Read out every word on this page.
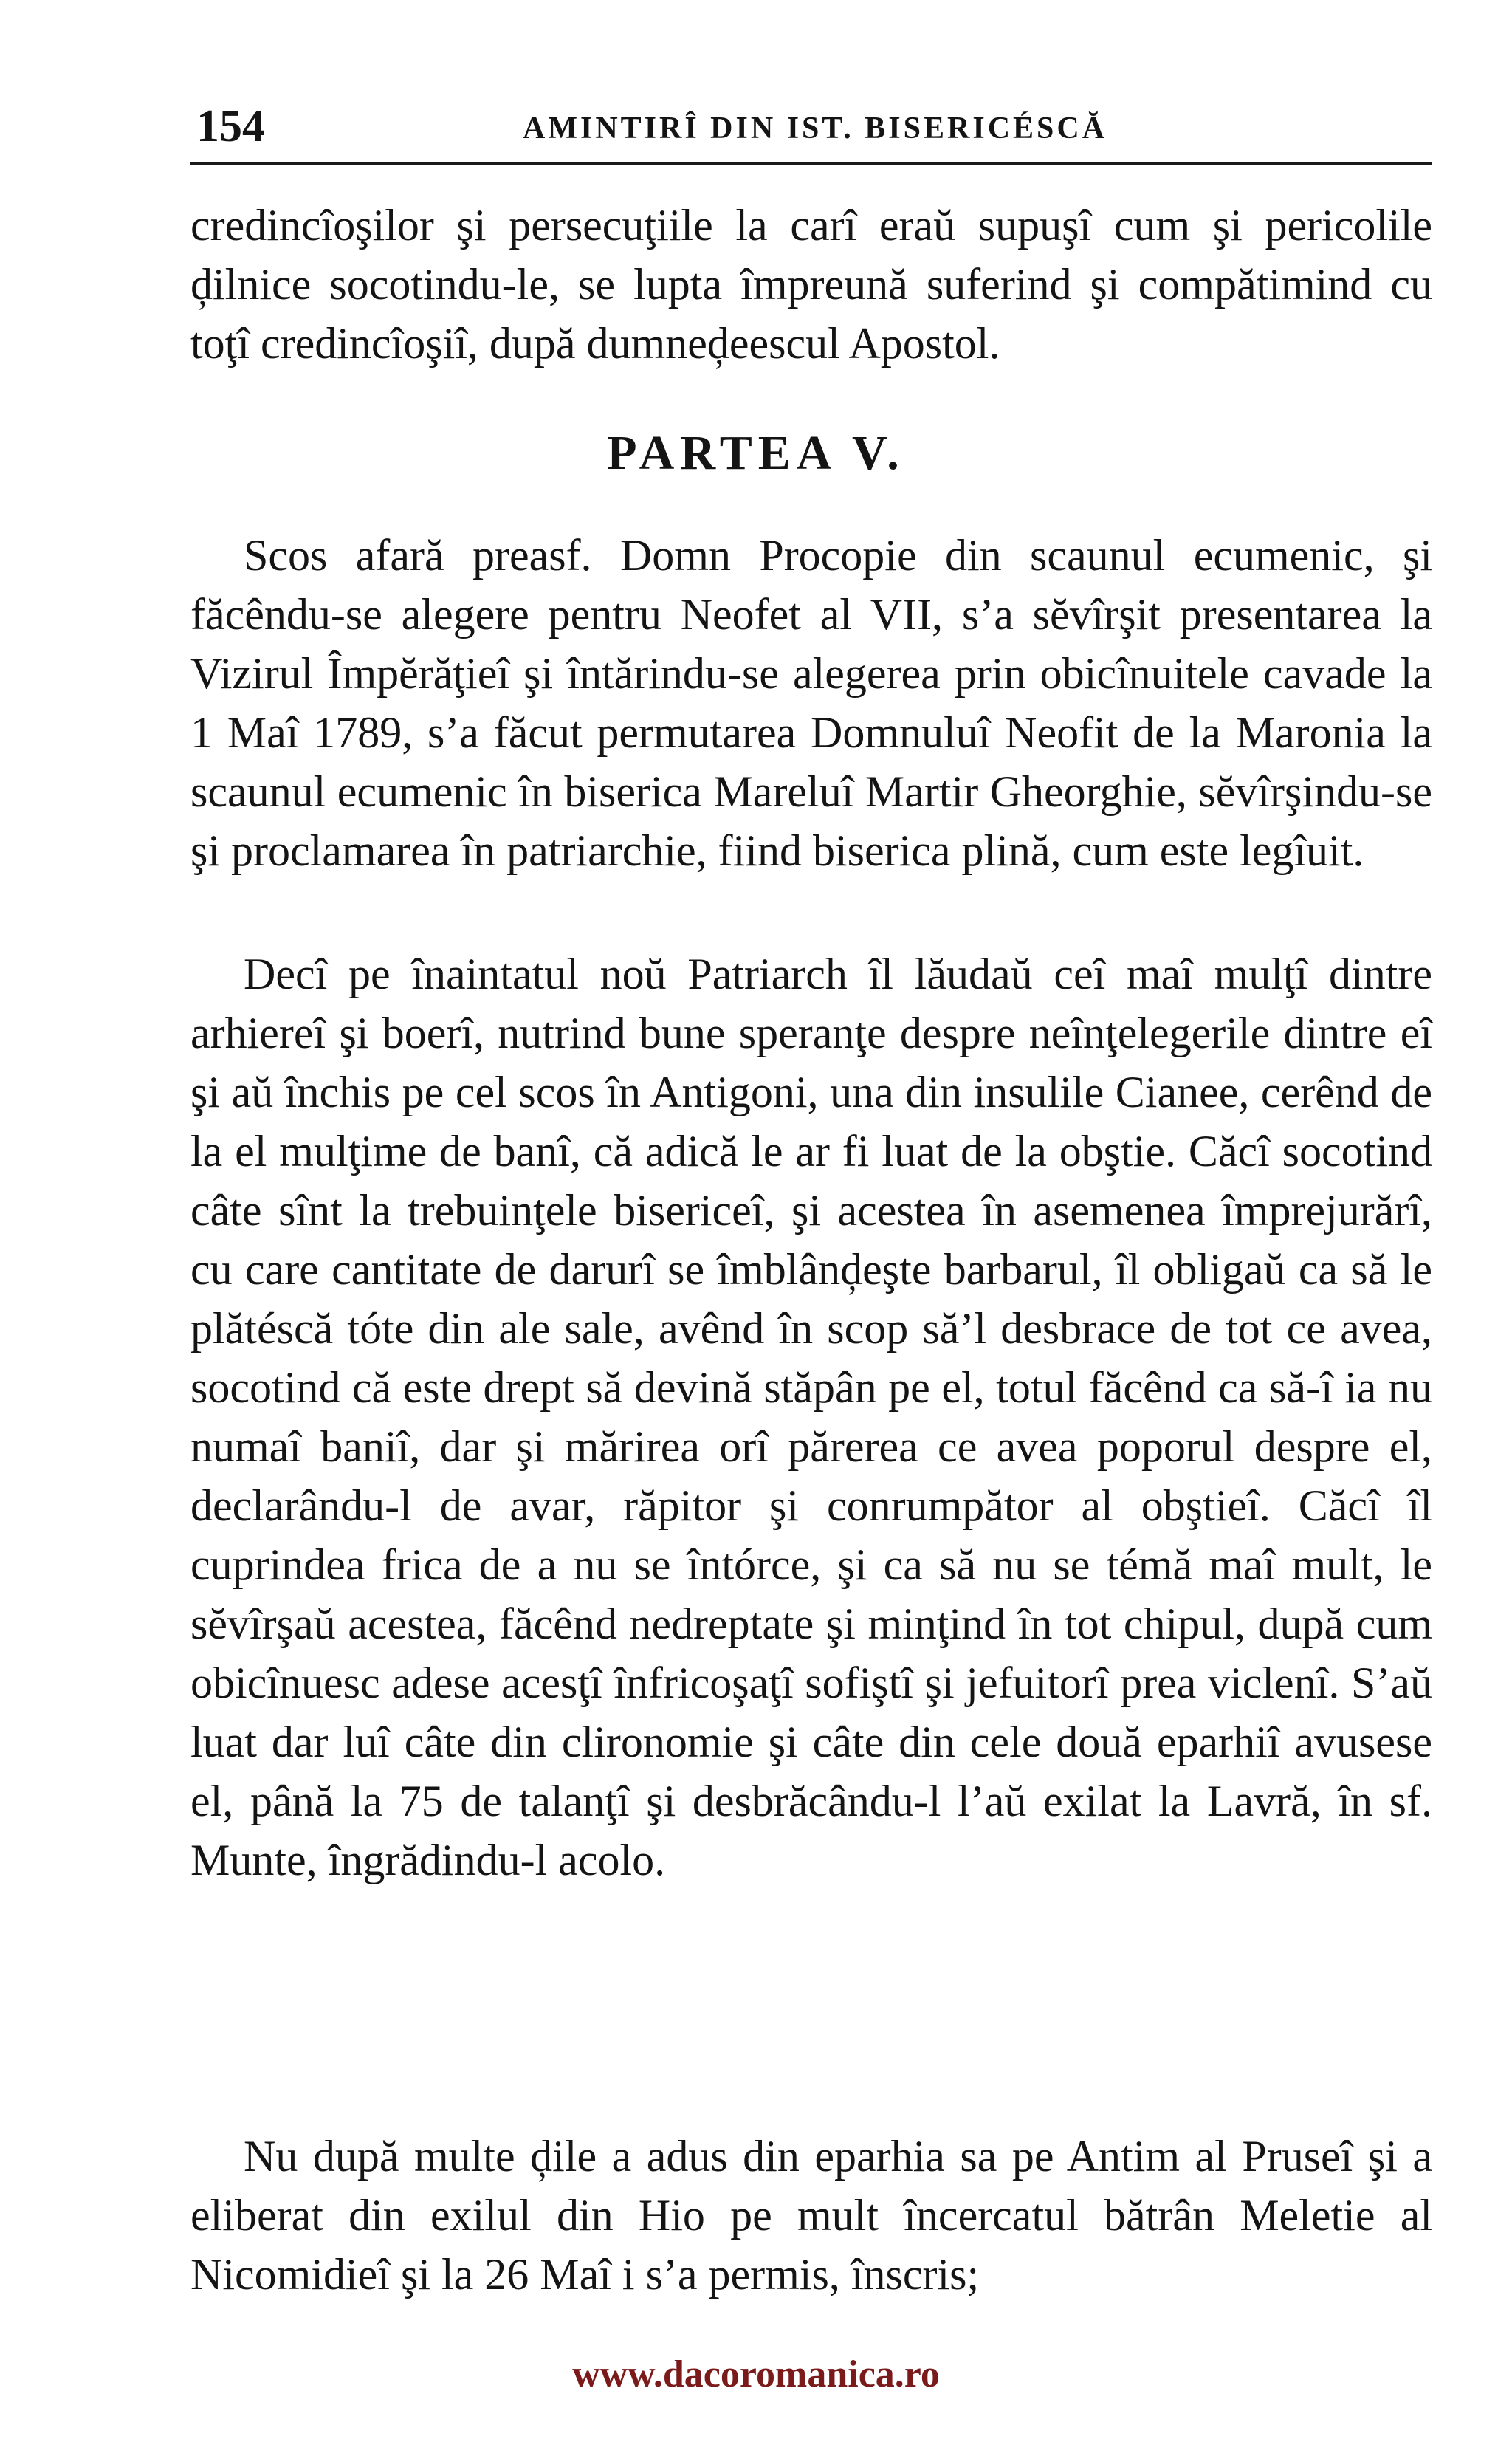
154	AMINTIRÎ DIN IST. BISERICÉSCĂ

credincîoşilor şi persecuţiile la carî eraŭ supuşî cum şi pericolile ḑilnice socotindu-le, se lupta împreună suferind şi compătimind cu toţî credincîoşiî, după dumneḑeescul Apostol.

PARTEA V.

Scos afară preasf. Domn Procopie din scaunul ecumenic, şi făcêndu-se alegere pentru Neofet al VII, s’a sĕvîrşit presentarea la Vizirul Împĕrăţieî şi întărindu-se alegerea prin obicînuitele cavade la 1 Maî 1789, s’a făcut permutarea Domnuluî Neofit de la Maronia la scaunul ecumenic în biserica Mareluî Martir Gheorghie, sĕvîrşindu-se şi proclamarea în patriarchie, fiind biserica plină, cum este legîuit.

Decî pe înaintatul noŭ Patriarch îl lăudaŭ ceî maî mulţî dintre arhiereî şi boerî, nutrind bune speranţe despre neînţelegerile dintre eî şi aŭ închis pe cel scos în Antigoni, una din insulile Cianee, cerênd de la el mulţime de banî, că adică le ar fi luat de la obştie. Căcî socotind câte sînt la trebuinţele bisericeî, şi acestea în asemenea împrejurărî, cu care cantitate de darurî se îmblânḑeşte barbarul, îl obligaŭ ca să le plătéscă tóte din ale sale, avênd în scop să’l desbrace de tot ce avea, socotind că este drept să devină stăpân pe el, totul făcênd ca să-î ia nu numaî baniî, dar şi mărirea orî părerea ce avea poporul despre el, declarându-l de avar, răpitor şi conrumpător al obştieî. Căcî îl cuprindea frica de a nu se întórce, şi ca să nu se témă maî mult, le sĕvîrşaŭ acestea, făcênd nedreptate şi minţind în tot chipul, după cum obicînuesc adese acesţî înfricoşaţî sofiştî şi jefuitorî prea viclenî. S’aŭ luat dar luî câte din clironomie şi câte din cele două eparhiî avusese el, până la 75 de talanţî şi desbrăcându-l l’aŭ exilat la Lavră, în sf. Munte, îngrădindu-l acolo.

Nu după multe ḑile a adus din eparhia sa pe Antim al Pruseî şi a eliberat din exilul din Hio pe mult încercatul bătrân Meletie al Nicomidieî şi la 26 Maî i s’a permis, înscris;

www.dacoromanica.ro
